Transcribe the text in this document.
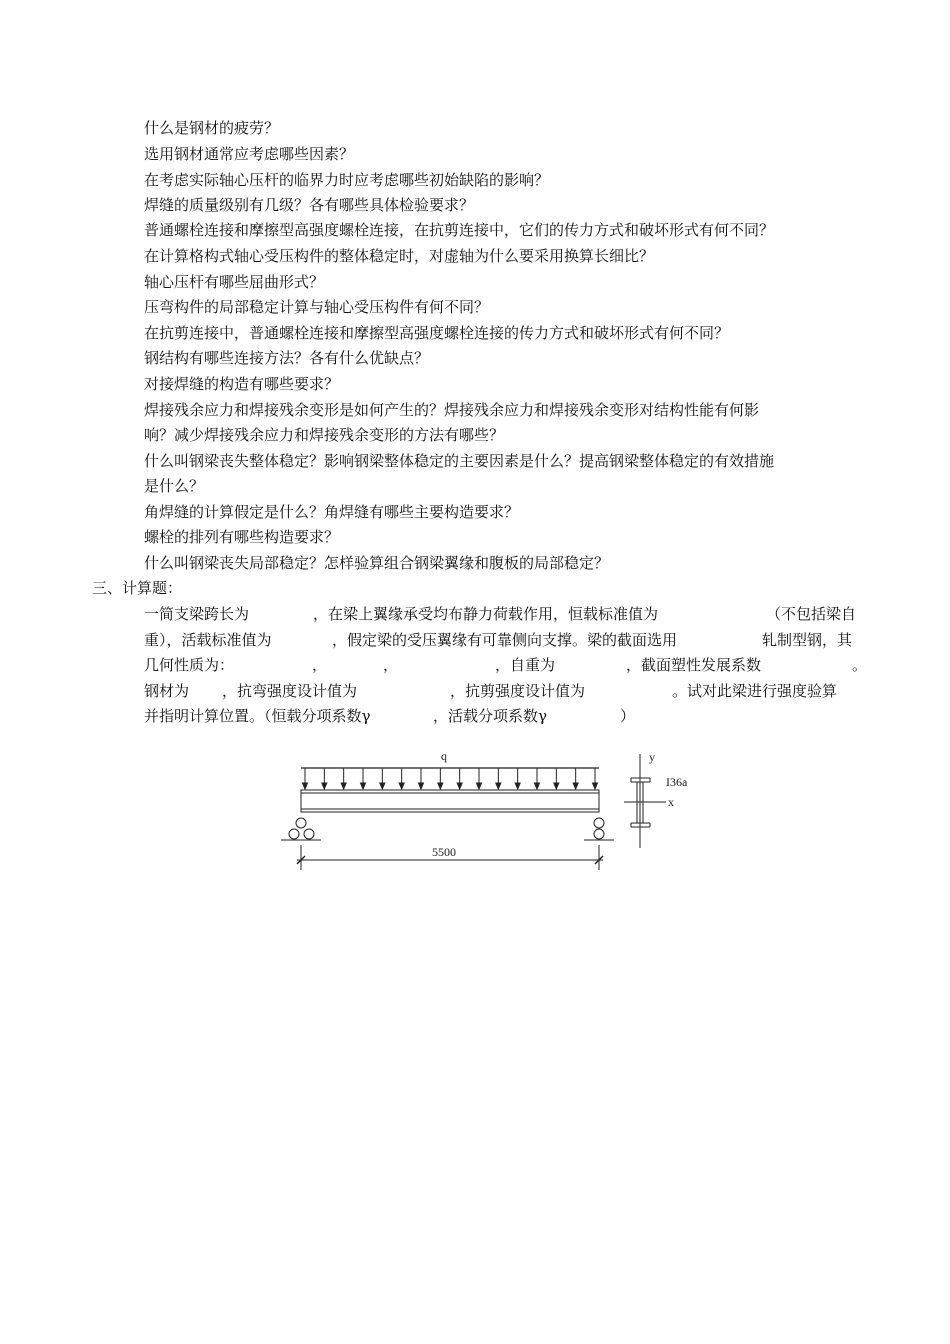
什么是钢材的疲劳？
选用钢材通常应考虑哪些因素？
在考虑实际轴心压杆的临界力时应考虑哪些初始缺陷的影响？
焊缝的质量级别有几级？各有哪些具体检验要求？
普通螺栓连接和摩擦型高强度螺栓连接，在抗剪连接中，它们的传力方式和破坏形式有何不同？
在计算格构式轴心受压构件的整体稳定时，对虚轴为什么要采用换算长细比？
轴心压杆有哪些屈曲形式？
压弯构件的局部稳定计算与轴心受压构件有何不同？
在抗剪连接中，普通螺栓连接和摩擦型高强度螺栓连接的传力方式和破坏形式有何不同？
钢结构有哪些连接方法？各有什么优缺点？
对接焊缝的构造有哪些要求？
焊接残余应力和焊接残余变形是如何产生的？焊接残余应力和焊接残余变形对结构性能有何影
响？减少焊接残余应力和焊接残余变形的方法有哪些？
什么叫钢梁丧失整体稳定？影响钢梁整体稳定的主要因素是什么？提高钢梁整体稳定的有效措施
是什么？
角焊缝的计算假定是什么？角焊缝有哪些主要构造要求？
螺栓的排列有哪些构造要求？
什么叫钢梁丧失局部稳定？怎样验算组合钢梁翼缘和腹板的局部稳定？
三、计算题：
一简支梁跨长为	，在梁上翼缘承受均布静力荷载作用，恒载标准值为	（不包括梁自
重），活载标准值为	，假定梁的受压翼缘有可靠侧向支撑。梁的截面选用	轧制型钢，其
几何性质为：	，	，	，自重为	，截面塑性发展系数	。
钢材为 ，抗弯强度设计值为	，抗剪强度设计值为	。试对此梁进行强度验算
并指明计算位置。（恒载分项系数γ	，活载分项系数γ	）
q
5500
y
x
I36a
